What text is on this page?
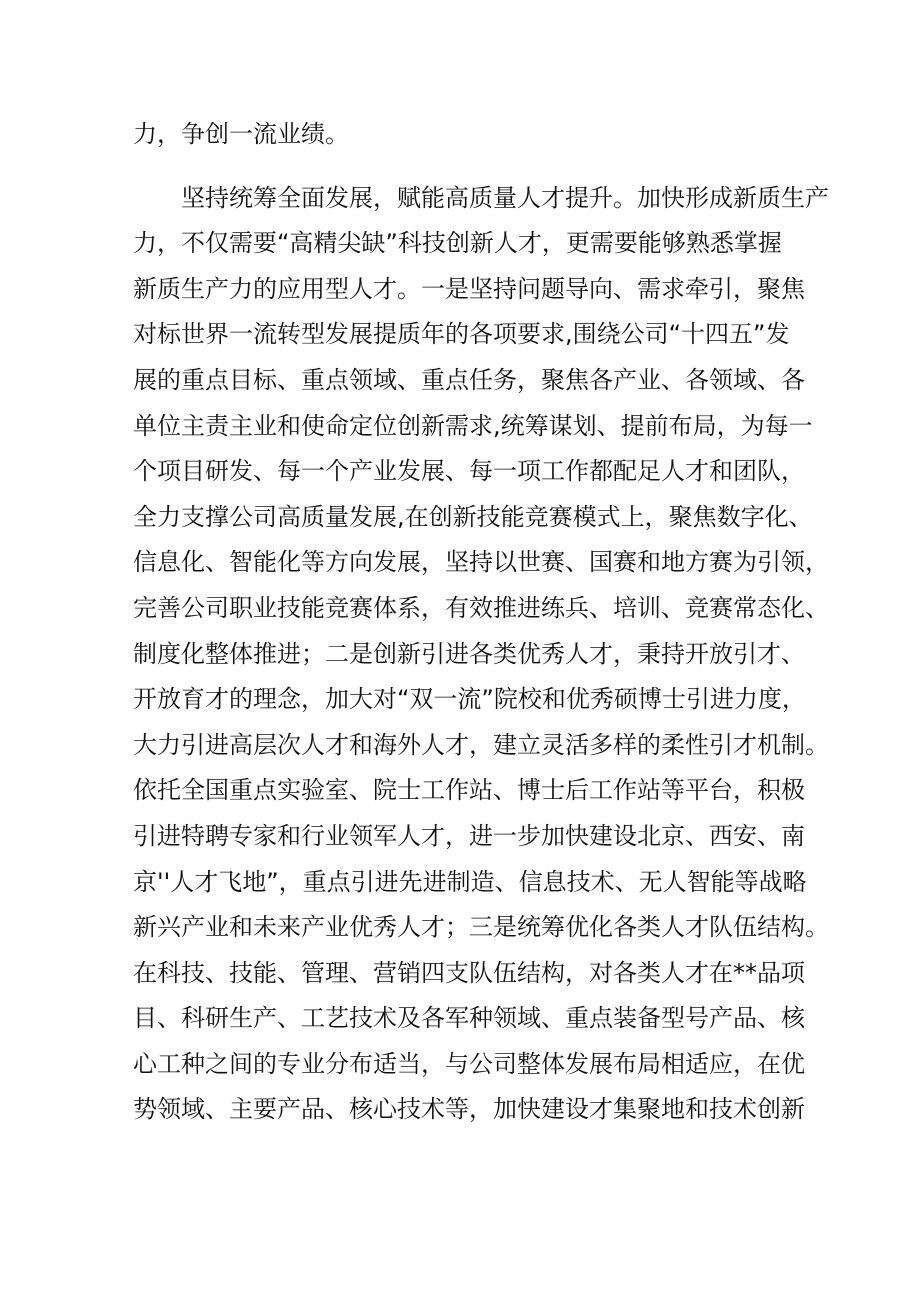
力，争创一流业绩。
坚持统筹全面发展，赋能高质量人才提升。加快形成新质生产
力，不仅需要“高精尖缺”科技创新人才，更需要能够熟悉掌握
新质生产力的应用型人才。一是坚持问题导向、需求牵引，聚焦
对标世界一流转型发展提质年的各项要求,围绕公司“十四五”发
展的重点目标、重点领域、重点任务，聚焦各产业、各领域、各
单位主责主业和使命定位创新需求,统筹谋划、提前布局，为每一
个项目研发、每一个产业发展、每一项工作都配足人才和团队，
全力支撑公司高质量发展,在创新技能竞赛模式上，聚焦数字化、
信息化、智能化等方向发展，坚持以世赛、国赛和地方赛为引领，
完善公司职业技能竞赛体系，有效推进练兵、培训、竞赛常态化、
制度化整体推进；二是创新引进各类优秀人才，秉持开放引才、
开放育才的理念，加大对“双一流”院校和优秀硕博士引进力度，
大力引进高层次人才和海外人才，建立灵活多样的柔性引才机制。
依托全国重点实验室、院士工作站、博士后工作站等平台，积极
引进特聘专家和行业领军人才，进一步加快建设北京、西安、南
京''人才飞地”，重点引进先进制造、信息技术、无人智能等战略
新兴产业和未来产业优秀人才；三是统筹优化各类人才队伍结构。
在科技、技能、管理、营销四支队伍结构，对各类人才在**品项
目、科研生产、工艺技术及各军种领域、重点装备型号产品、核
心工种之间的专业分布适当，与公司整体发展布局相适应，在优
势领域、主要产品、核心技术等，加快建设才集聚地和技术创新
